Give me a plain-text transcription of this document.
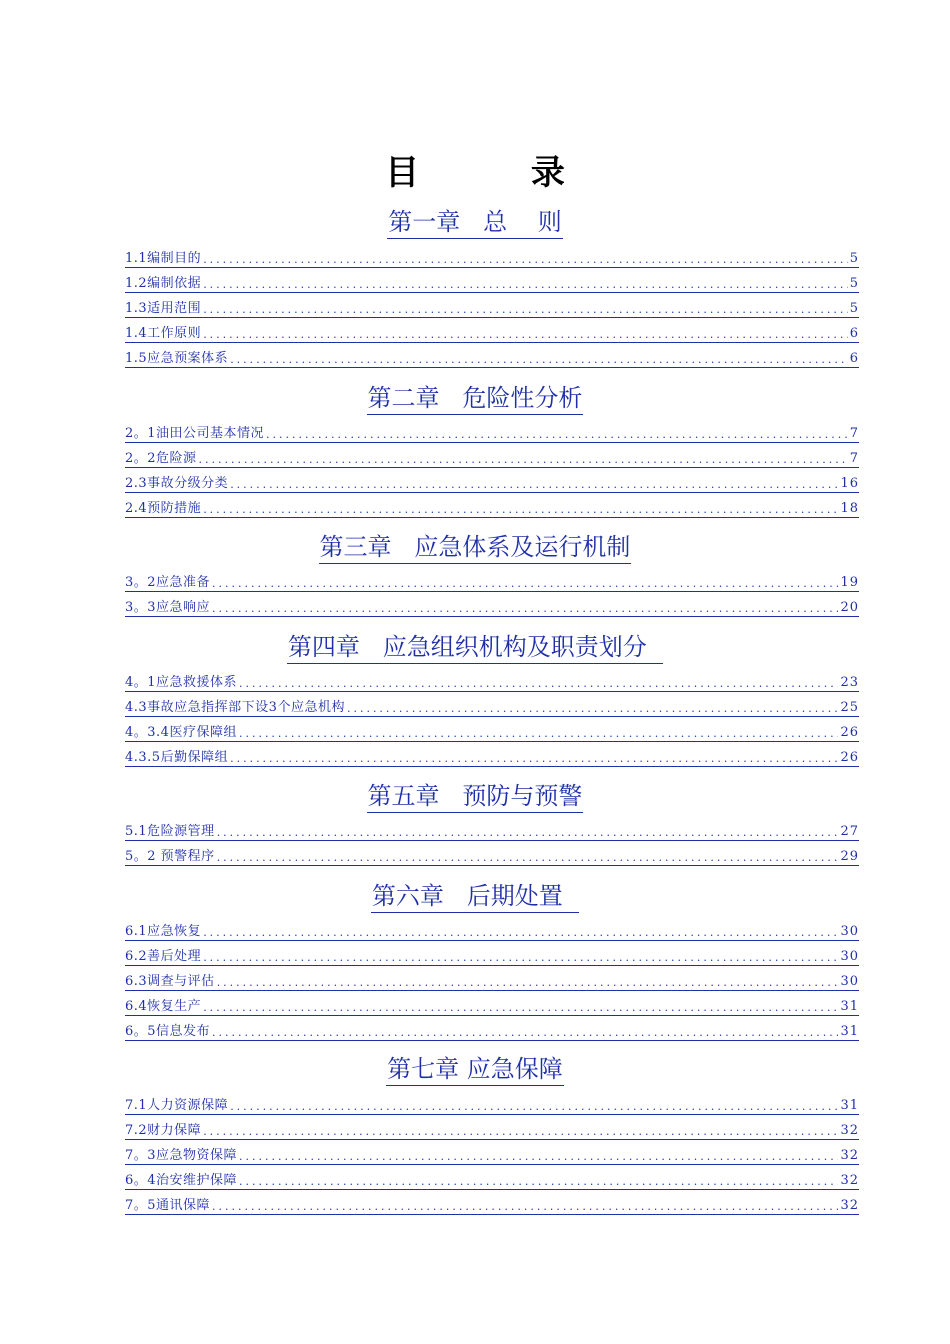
目 录
第一章   总    则
1.1编制目的 .....	5
1.2编制依据 .....	5
1.3适用范围 .....	5
1.4工作原则 .....	6
1.5应急预案体系 .....	6
第二章   危险性分析
2。1油田公司基本情况 .....	7
2。2危险源 .....	7
2.3事故分级分类 .....	16
2.4预防措施 .....	18
第三章   应急体系及运行机制
3。2应急准备 .....	19
3。3应急响应 .....	20
第四章   应急组织机构及职责划分
4。1应急救援体系 .....	23
4.3事故应急指挥部下设3个应急机构 .....	25
4。3.4医疗保障组 .....	26
4.3.5后勤保障组 .....	26
第五章   预防与预警
5.1危险源管理 .....	27
5。2 预警程序 .....	29
第六章   后期处置
6.1应急恢复 .....	30
6.2善后处理 .....	30
6.3调查与评估 .....	30
6.4恢复生产 .....	31
6。5信息发布 .....	31
第七章 应急保障
7.1人力资源保障 .....	31
7.2财力保障 .....	32
7。3应急物资保障 .....	32
6。4治安维护保障 .....	32
7。5通讯保障 .....	32
